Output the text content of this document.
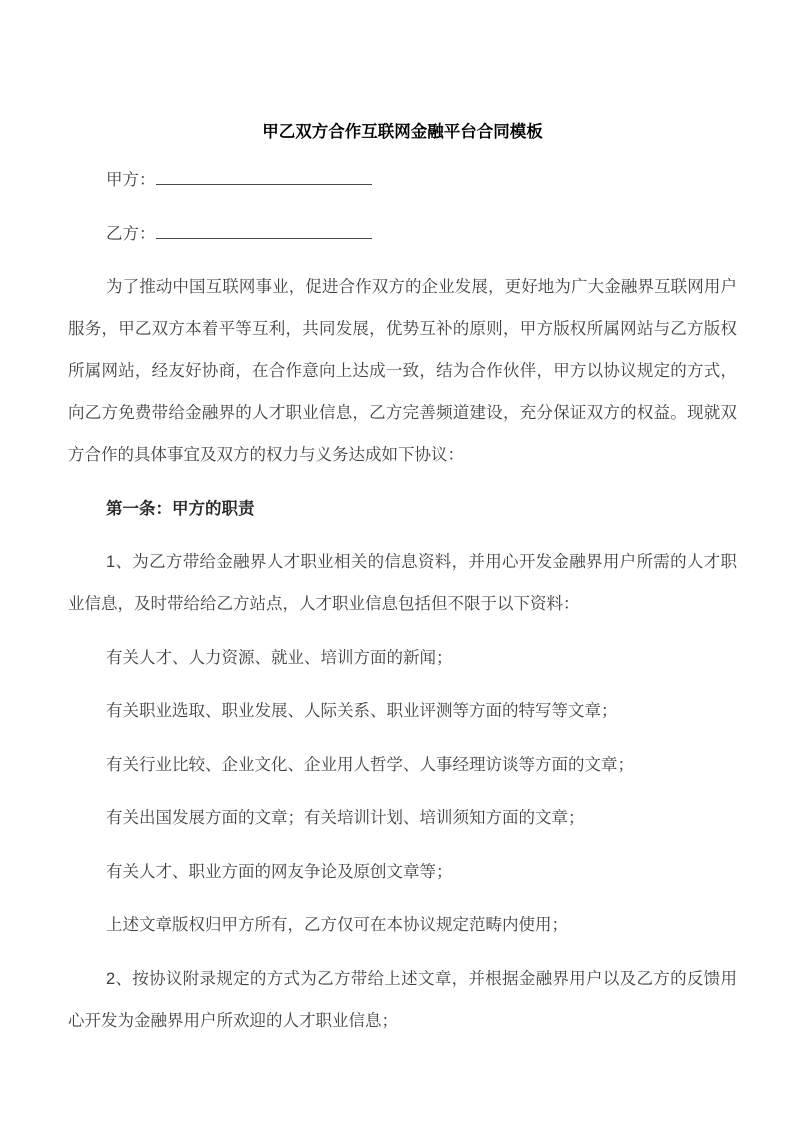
甲乙双方合作互联网金融平台合同模板

甲方：

乙方：

为了推动中国互联网事业，促进合作双方的企业发展，更好地为广大金融界互联网用户服务，甲乙双方本着平等互利，共同发展，优势互补的原则，甲方版权所属网站与乙方版权所属网站，经友好协商，在合作意向上达成一致，结为合作伙伴，甲方以协议规定的方式，向乙方免费带给金融界的人才职业信息，乙方完善频道建设，充分保证双方的权益。现就双方合作的具体事宜及双方的权力与义务达成如下协议：

第一条：甲方的职责

1、为乙方带给金融界人才职业相关的信息资料，并用心开发金融界用户所需的人才职业信息，及时带给给乙方站点，人才职业信息包括但不限于以下资料：

有关人才、人力资源、就业、培训方面的新闻；

有关职业选取、职业发展、人际关系、职业评测等方面的特写等文章；

有关行业比较、企业文化、企业用人哲学、人事经理访谈等方面的文章；

有关出国发展方面的文章；有关培训计划、培训须知方面的文章；

有关人才、职业方面的网友争论及原创文章等；

上述文章版权归甲方所有，乙方仅可在本协议规定范畴内使用；

2、按协议附录规定的方式为乙方带给上述文章，并根据金融界用户以及乙方的反馈用心开发为金融界用户所欢迎的人才职业信息；
